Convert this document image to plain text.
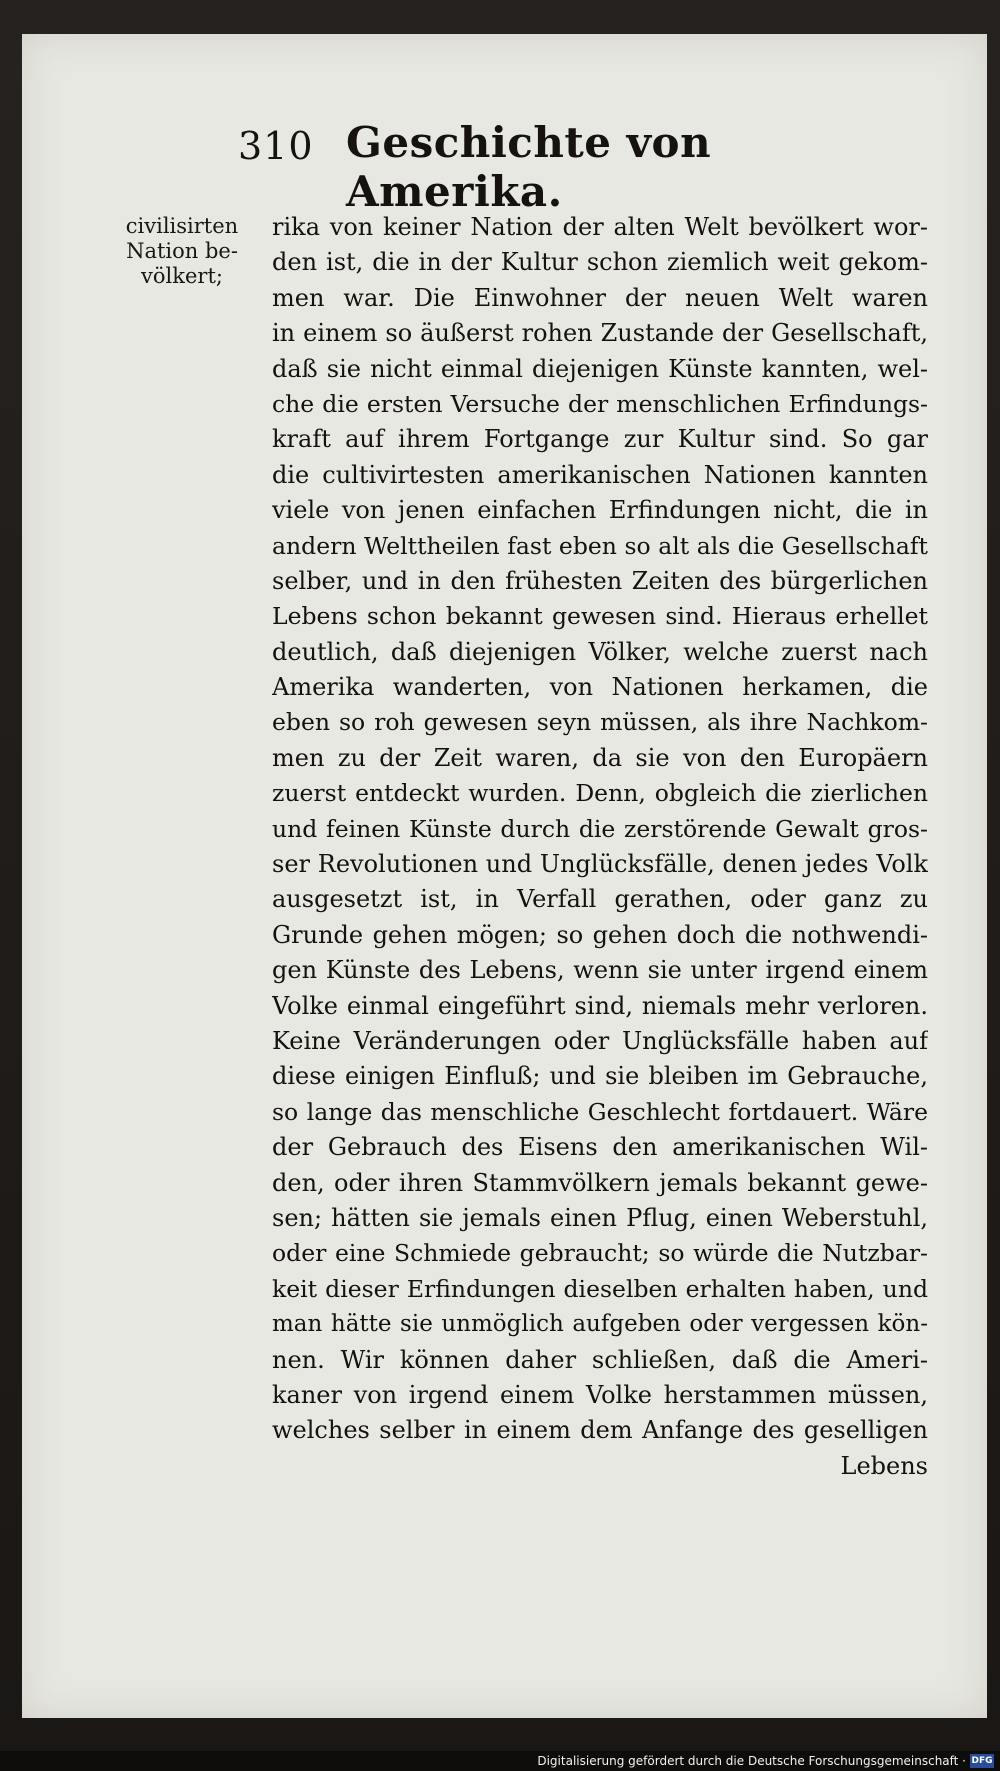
310 Geschichte von Amerika.
civilisirten
Nation be-
völkert;
rika von keiner Nation der alten Welt bevölkert wor-
den ist, die in der Kultur schon ziemlich weit gekom-
men war. Die Einwohner der neuen Welt waren
in einem so äußerst rohen Zustande der Gesellschaft,
daß sie nicht einmal diejenigen Künste kannten, wel-
che die ersten Versuche der menschlichen Erfindungs-
kraft auf ihrem Fortgange zur Kultur sind. So gar
die cultivirtesten amerikanischen Nationen kannten
viele von jenen einfachen Erfindungen nicht, die in
andern Welttheilen fast eben so alt als die Gesellschaft
selber, und in den frühesten Zeiten des bürgerlichen
Lebens schon bekannt gewesen sind. Hieraus erhellet
deutlich, daß diejenigen Völker, welche zuerst nach
Amerika wanderten, von Nationen herkamen, die
eben so roh gewesen seyn müssen, als ihre Nachkom-
men zu der Zeit waren, da sie von den Europäern
zuerst entdeckt wurden. Denn, obgleich die zierlichen
und feinen Künste durch die zerstörende Gewalt gros-
ser Revolutionen und Unglücksfälle, denen jedes Volk
ausgesetzt ist, in Verfall gerathen, oder ganz zu
Grunde gehen mögen; so gehen doch die nothwendi-
gen Künste des Lebens, wenn sie unter irgend einem
Volke einmal eingeführt sind, niemals mehr verloren.
Keine Veränderungen oder Unglücksfälle haben auf
diese einigen Einfluß; und sie bleiben im Gebrauche,
so lange das menschliche Geschlecht fortdauert. Wäre
der Gebrauch des Eisens den amerikanischen Wil-
den, oder ihren Stammvölkern jemals bekannt gewe-
sen; hätten sie jemals einen Pflug, einen Weberstuhl,
oder eine Schmiede gebraucht; so würde die Nutzbar-
keit dieser Erfindungen dieselben erhalten haben, und
man hätte sie unmöglich aufgeben oder vergessen kön-
nen. Wir können daher schließen, daß die Ameri-
kaner von irgend einem Volke herstammen müssen,
welches selber in einem dem Anfange des geselligen
Lebens
Digitalisierung gefördert durch die Deutsche Forschungsgemeinschaft · DFG
